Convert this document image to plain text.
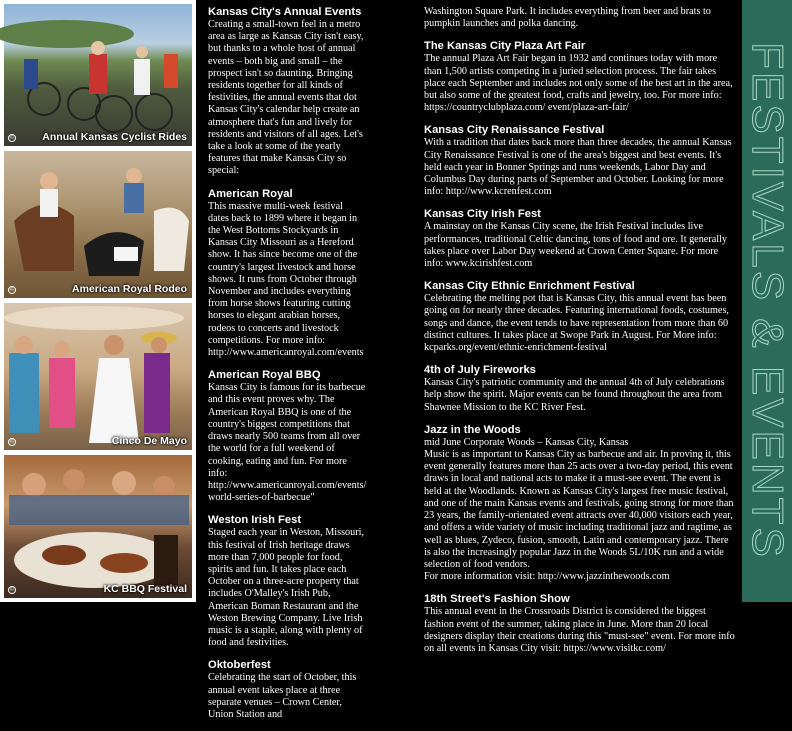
©	Annual Kansas Cyclist Rides
©	American Royal Rodeo
©	Cinco De Mayo
©	KC BBQ Festival
Kansas City's Annual Events

Creating a small-town feel in a metro area as large as Kansas City isn't easy, but thanks to a whole host of annual events – both big and small – the prospect isn't so daunting. Bringing residents together for all kinds of festivities, the annual events that dot Kansas City's calendar help create an atmosphere that's fun and lively for residents and visitors of all ages. Let's take a look at some of the yearly features that make Kansas City so special:

American Royal

This massive multi-week festival dates back to 1899 where it began in the West Bottoms Stockyards in Kansas City Missouri as a Hereford show. It has since become one of the country's largest livestock and horse shows. It runs from October through November and includes everything from horse shows featuring cutting horses to elegant arabian horses, rodeos to concerts and livestock competitions. For more info: http://www.americanroyal.com/events

American Royal BBQ

Kansas City is famous for its barbecue and this event proves why. The American Royal BBQ is one of the country's biggest competitions that draws nearly 500 teams from all over the world for a full weekend of cooking, eating and fun. For more info: http://www.americanroyal.com/events/ world-series-of-barbecue"

Weston Irish Fest

Staged each year in Weston, Missouri, this festival of Irish heritage draws more than 7,000 people for food, spirits and fun. It takes place each October on a three-acre property that includes O'Malley's Irish Pub, American Boman Restaurant and the Weston Brewing Company. Live Irish music is a staple, along with plenty of food and festivities.

Oktoberfest

Celebrating the start of October, this annual event takes place at three separate venues – Crown Center, Union Station and

Washington Square Park. It includes everything from beer and brats to pumpkin launches and polka dancing.

The Kansas City Plaza Art Fair

The annual Plaza Art Fair began in 1932 and continues today with more than 1,500 artists competing in a juried selection process. The fair takes place each September and includes not only some of the best art in the area, but also some of the greatest food, crafts and jewelry, too. For more info: https://countryclubplaza.com/ event/plaza-art-fair/

Kansas City Renaissance Festival

With a tradition that dates back more than three decades, the annual Kansas City Renaissance Festival is one of the area's biggest and best events. It's held each year in Bonner Springs and runs weekends, Labor Day and Columbus Day during parts of September and October. Looking for more info: http://www.kcrenfest.com

Kansas City Irish Fest

A mainstay on the Kansas City scene, the Irish Festival includes live performances, traditional Celtic dancing, tons of food and ore. It generally takes place over Labor Day weekend at Crown Center Square. For more info: www.kcirishfest.com

Kansas City Ethnic Enrichment Festival

Celebrating the melting pot that is Kansas City, this annual event has been going on for nearly three decades. Featuring international foods, costumes, songs and dance, the event tends to have representation from more than 60 distinct cultures. It takes place at Swope Park in August. For More info: kcparks.org/event/ethnic-enrichment-festival

4th of July Fireworks

Kansas City's patriotic community and the annual 4th of July celebrations help show the spirit. Major events can be found throughout the area from Shawnee Mission to the KC River Fest.

Jazz in the Woods
mid June Corporate Woods – Kansas City, Kansas
Music is as important to Kansas City as barbecue and air. In proving it, this event generally features more than 25 acts over a two-day period, this event draws in local and national acts to make it a must-see event. The event is held at the Woodlands. Known as Kansas City's largest free music festival, and one of the main Kansas events and festivals, going strong for more than 23 years, the family-orientated event attracts over 40,000 visitors each year, and offers a wide variety of music including traditional jazz and ragtime, as well as blues, Zydeco, fusion, smooth, Latin and contemporary jazz. There is also the increasingly popular Jazz in the Woods 5L/10K run and a wide selection of food vendors.

For more information visit: http://www.jazzinthewoods.com

18th Street's Fashion Show

This annual event in the Crossroads District is considered the biggest fashion event of the summer, taking place in June. More than 20 local designers display their creations during this "must-see" event. For more info on all events in Kansas City visit: https://www.visitkc.com/

FESTIVALS & EVENTS
